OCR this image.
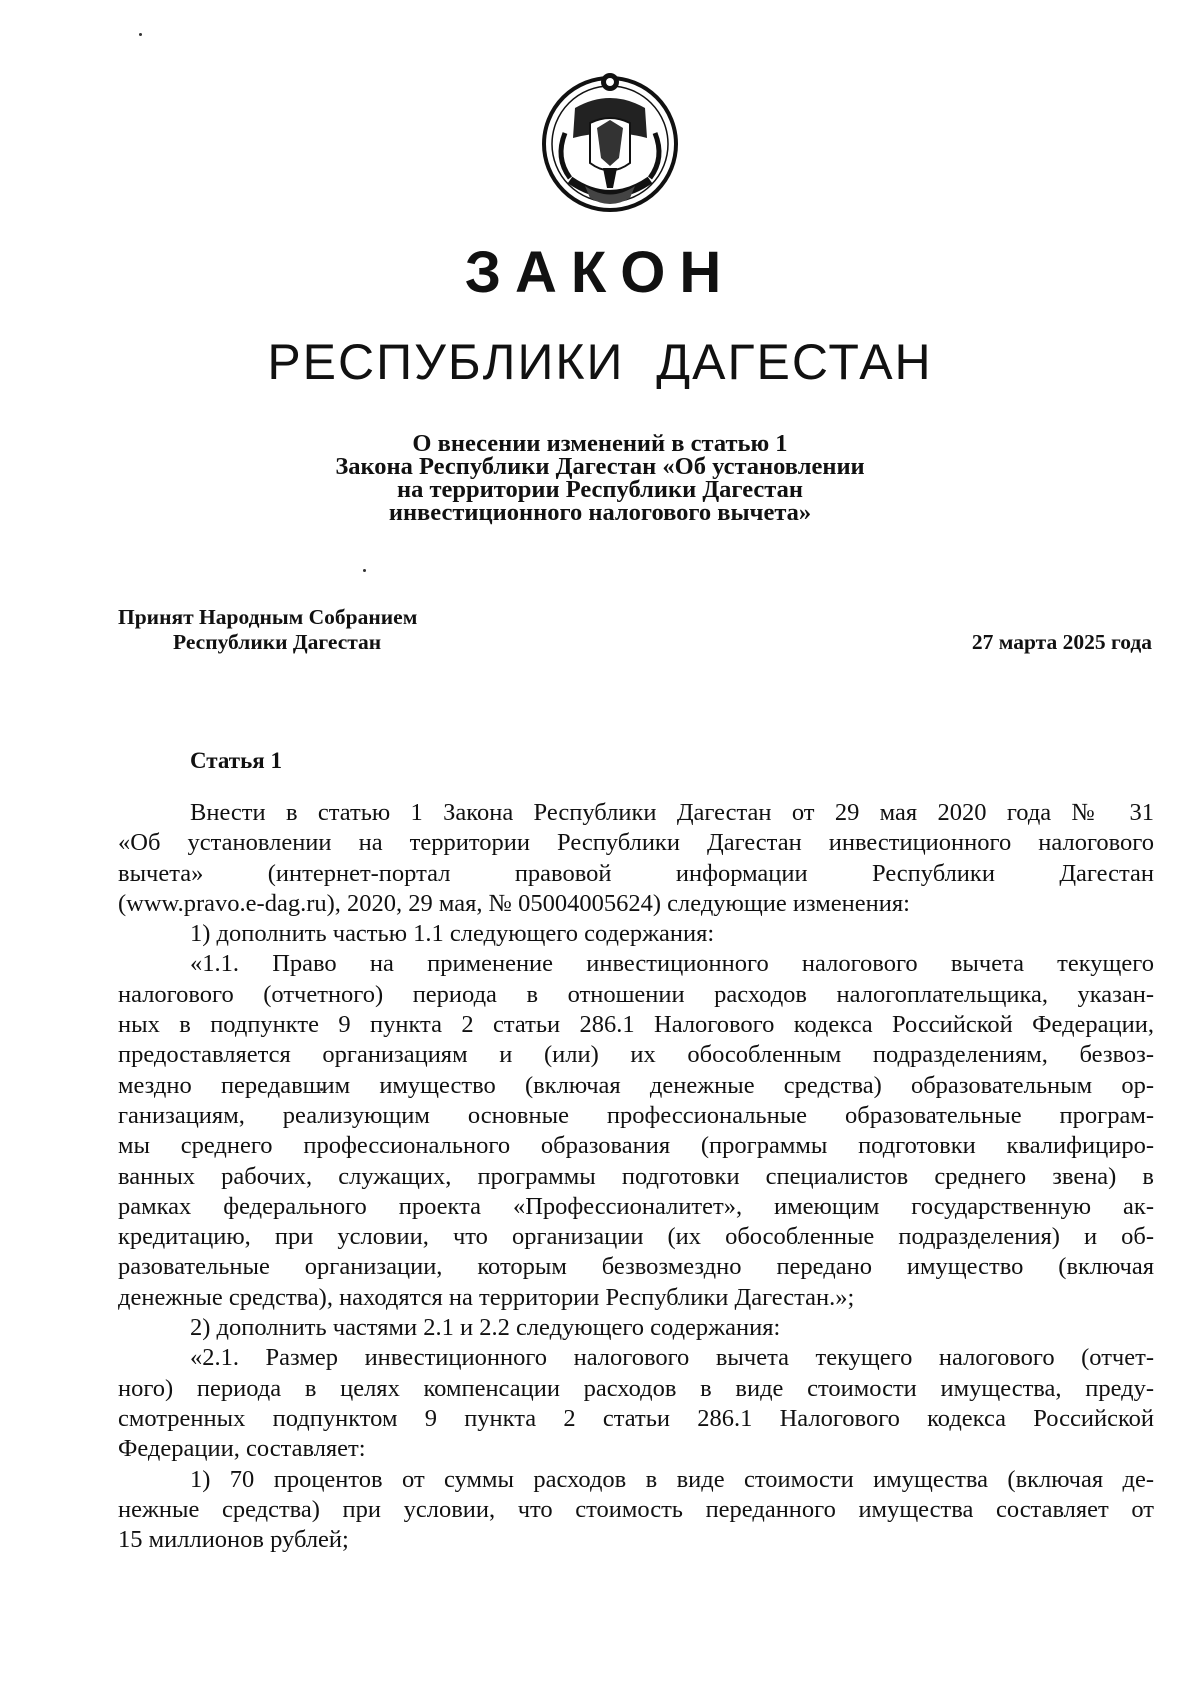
ЗАКОН
РЕСПУБЛИКИ  ДАГЕСТАН
О внесении изменений в статью 1
Закона Республики Дагестан «Об установлении
на территории Республики Дагестан
инвестиционного налогового вычета»
Принят Народным Собранием
Республики Дагестан	27 марта 2025 года
Статья 1

Внести в статью 1 Закона Республики Дагестан от 29 мая 2020 года № 31

«Об установлении на территории Республики Дагестан инвестиционного налогового

вычета»   (интернет-портал   правовой   информации   Республики   Дагестан

(www.pravo.e-dag.ru), 2020, 29 мая, № 05004005624) следующие изменения:

1) дополнить частью 1.1 следующего содержания:

«1.1. Право на применение инвестиционного налогового вычета текущего

налогового (отчетного) периода в отношении расходов налогоплательщика, указан-

ных в подпункте 9 пункта 2 статьи 286.1 Налогового кодекса Российской Федерации,

предоставляется организациям и (или) их обособленным подразделениям, безвоз-

мездно передавшим имущество (включая денежные средства) образовательным ор-

ганизациям, реализующим основные профессиональные образовательные програм-

мы среднего профессионального образования (программы подготовки квалифициро-

ванных рабочих, служащих, программы подготовки специалистов среднего звена) в

рамках федерального проекта «Профессионалитет», имеющим государственную ак-

кредитацию, при условии, что организации (их обособленные подразделения) и об-

разовательные организации, которым безвозмездно передано имущество (включая

денежные средства), находятся на территории Республики Дагестан.»;

2) дополнить частями 2.1 и 2.2 следующего содержания:

«2.1. Размер инвестиционного налогового вычета текущего налогового (отчет-

ного) периода в целях компенсации расходов в виде стоимости имущества, преду-

смотренных подпунктом 9 пункта 2 статьи 286.1 Налогового кодекса Российской

Федерации, составляет:

1) 70 процентов от суммы расходов в виде стоимости имущества (включая де-

нежные средства) при условии, что стоимость переданного имущества составляет от

15 миллионов рублей;
